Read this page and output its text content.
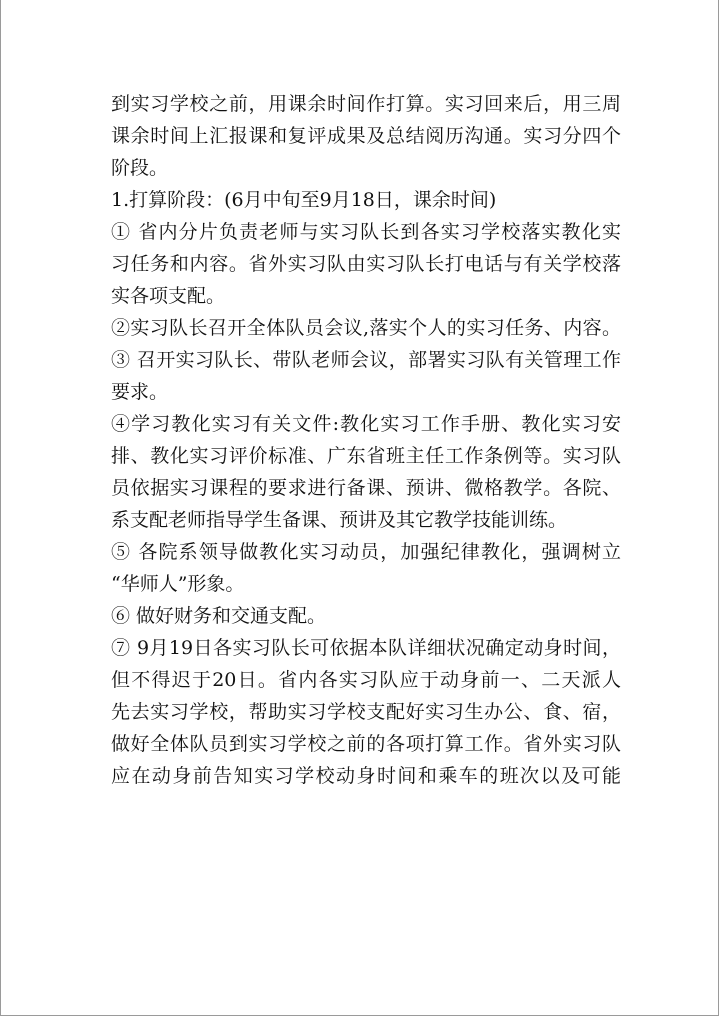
到实习学校之前，用课余时间作打算。实习回来后，用三周
课余时间上汇报课和复评成果及总结阅历沟通。实习分四个
阶段。
1.打算阶段：(6月中旬至9月18日，课余时间)
① 省内分片负责老师与实习队长到各实习学校落实教化实
习任务和内容。省外实习队由实习队长打电话与有关学校落
实各项支配。
②实习队长召开全体队员会议,落实个人的实习任务、内容。
③ 召开实习队长、带队老师会议，部署实习队有关管理工作
要求。
④学习教化实习有关文件:教化实习工作手册、教化实习安
排、教化实习评价标准、广东省班主任工作条例等。实习队
员依据实习课程的要求进行备课、预讲、微格教学。各院、
系支配老师指导学生备课、预讲及其它教学技能训练。
⑤ 各院系领导做教化实习动员，加强纪律教化，强调树立
“华师人”形象。
⑥ 做好财务和交通支配。
⑦ 9月19日各实习队长可依据本队详细状况确定动身时间，
但不得迟于20日。省内各实习队应于动身前一、二天派人
先去实习学校，帮助实习学校支配好实习生办公、食、宿，
做好全体队员到实习学校之前的各项打算工作。省外实习队
应在动身前告知实习学校动身时间和乘车的班次以及可能
